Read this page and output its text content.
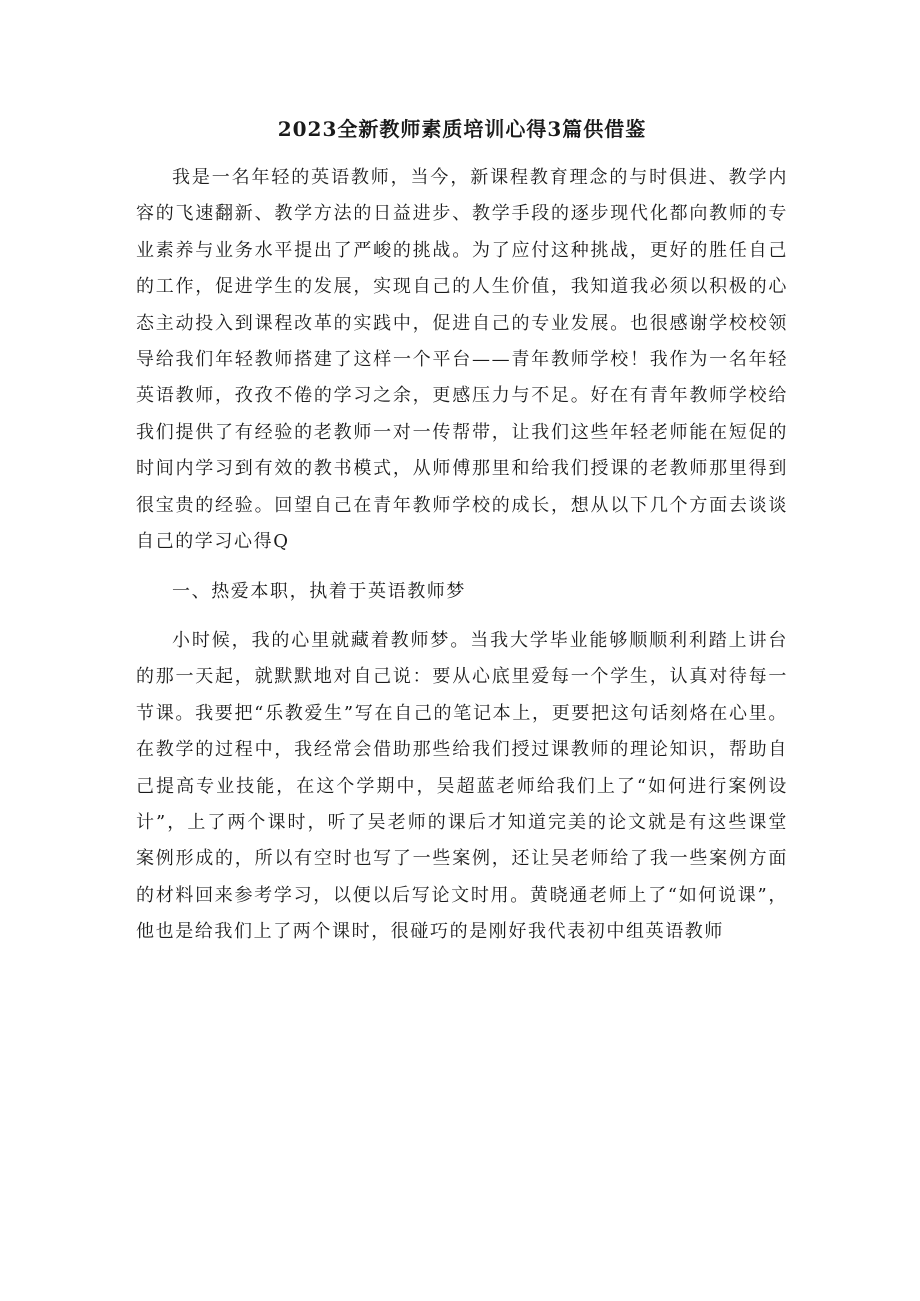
2023全新教师素质培训心得3篇供借鉴

我是一名年轻的英语教师，当今，新课程教育理念的与时俱进、教学内容的飞速翻新、教学方法的日益进步、教学手段的逐步现代化都向教师的专业素养与业务水平提出了严峻的挑战。为了应付这种挑战，更好的胜任自己的工作，促进学生的发展，实现自己的人生价值，我知道我必须以积极的心态主动投入到课程改革的实践中，促进自己的专业发展。也很感谢学校校领导给我们年轻教师搭建了这样一个平台——青年教师学校！我作为一名年轻英语教师，孜孜不倦的学习之余，更感压力与不足。好在有青年教师学校给我们提供了有经验的老教师一对一传帮带，让我们这些年轻老师能在短促的时间内学习到有效的教书模式，从师傅那里和给我们授课的老教师那里得到很宝贵的经验。回望自己在青年教师学校的成长，想从以下几个方面去谈谈自己的学习心得Q

一、热爱本职，执着于英语教师梦

小时候，我的心里就藏着教师梦。当我大学毕业能够顺顺利利踏上讲台的那一天起，就默默地对自己说：要从心底里爱每一个学生，认真对待每一节课。我要把“乐教爱生”写在自己的笔记本上，更要把这句话刻烙在心里。在教学的过程中，我经常会借助那些给我们授过课教师的理论知识，帮助自己提高专业技能，在这个学期中，吴超蓝老师给我们上了“如何进行案例设计”，上了两个课时，听了吴老师的课后才知道完美的论文就是有这些课堂案例形成的，所以有空时也写了一些案例，还让吴老师给了我一些案例方面的材料回来参考学习，以便以后写论文时用。黄晓通老师上了“如何说课”，他也是给我们上了两个课时，很碰巧的是刚好我代表初中组英语教师
